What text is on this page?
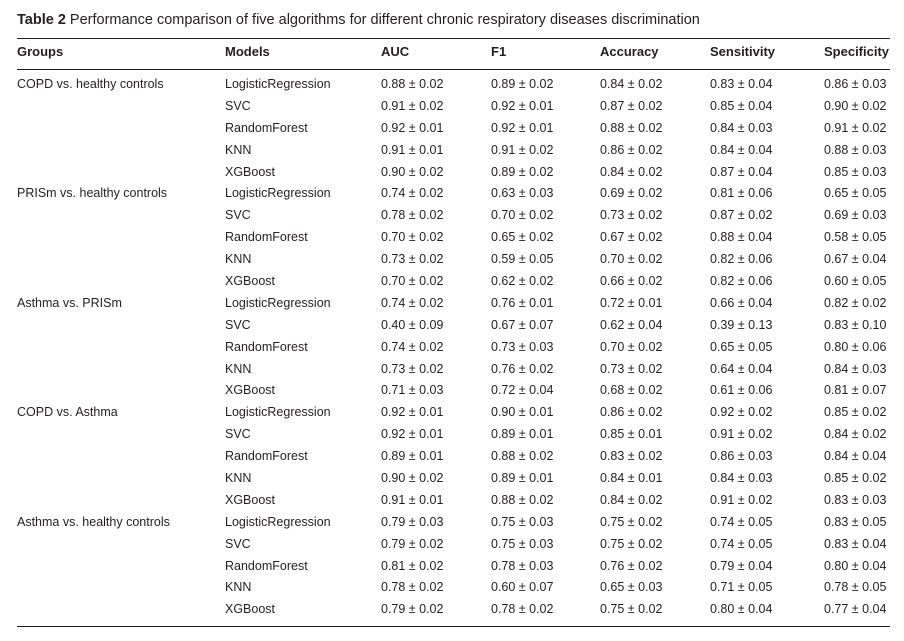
Table 2 Performance comparison of five algorithms for different chronic respiratory diseases discrimination
Groups	Models	AUC	F1	Accuracy	Sensitivity	Specificity
COPD vs. healthy controls	LogisticRegression	0.88 ± 0.02	0.89 ± 0.02	0.84 ± 0.02	0.83 ± 0.04	0.86 ± 0.03
SVC	0.91 ± 0.02	0.92 ± 0.01	0.87 ± 0.02	0.85 ± 0.04	0.90 ± 0.02
RandomForest	0.92 ± 0.01	0.92 ± 0.01	0.88 ± 0.02	0.84 ± 0.03	0.91 ± 0.02
KNN	0.91 ± 0.01	0.91 ± 0.02	0.86 ± 0.02	0.84 ± 0.04	0.88 ± 0.03
XGBoost	0.90 ± 0.02	0.89 ± 0.02	0.84 ± 0.02	0.87 ± 0.04	0.85 ± 0.03
PRISm vs. healthy controls	LogisticRegression	0.74 ± 0.02	0.63 ± 0.03	0.69 ± 0.02	0.81 ± 0.06	0.65 ± 0.05
SVC	0.78 ± 0.02	0.70 ± 0.02	0.73 ± 0.02	0.87 ± 0.02	0.69 ± 0.03
RandomForest	0.70 ± 0.02	0.65 ± 0.02	0.67 ± 0.02	0.88 ± 0.04	0.58 ± 0.05
KNN	0.73 ± 0.02	0.59 ± 0.05	0.70 ± 0.02	0.82 ± 0.06	0.67 ± 0.04
XGBoost	0.70 ± 0.02	0.62 ± 0.02	0.66 ± 0.02	0.82 ± 0.06	0.60 ± 0.05
Asthma vs. PRISm	LogisticRegression	0.74 ± 0.02	0.76 ± 0.01	0.72 ± 0.01	0.66 ± 0.04	0.82 ± 0.02
SVC	0.40 ± 0.09	0.67 ± 0.07	0.62 ± 0.04	0.39 ± 0.13	0.83 ± 0.10
RandomForest	0.74 ± 0.02	0.73 ± 0.03	0.70 ± 0.02	0.65 ± 0.05	0.80 ± 0.06
KNN	0.73 ± 0.02	0.76 ± 0.02	0.73 ± 0.02	0.64 ± 0.04	0.84 ± 0.03
XGBoost	0.71 ± 0.03	0.72 ± 0.04	0.68 ± 0.02	0.61 ± 0.06	0.81 ± 0.07
COPD vs. Asthma	LogisticRegression	0.92 ± 0.01	0.90 ± 0.01	0.86 ± 0.02	0.92 ± 0.02	0.85 ± 0.02
SVC	0.92 ± 0.01	0.89 ± 0.01	0.85 ± 0.01	0.91 ± 0.02	0.84 ± 0.02
RandomForest	0.89 ± 0.01	0.88 ± 0.02	0.83 ± 0.02	0.86 ± 0.03	0.84 ± 0.04
KNN	0.90 ± 0.02	0.89 ± 0.01	0.84 ± 0.01	0.84 ± 0.03	0.85 ± 0.02
XGBoost	0.91 ± 0.01	0.88 ± 0.02	0.84 ± 0.02	0.91 ± 0.02	0.83 ± 0.03
Asthma vs. healthy controls	LogisticRegression	0.79 ± 0.03	0.75 ± 0.03	0.75 ± 0.02	0.74 ± 0.05	0.83 ± 0.05
SVC	0.79 ± 0.02	0.75 ± 0.03	0.75 ± 0.02	0.74 ± 0.05	0.83 ± 0.04
RandomForest	0.81 ± 0.02	0.78 ± 0.03	0.76 ± 0.02	0.79 ± 0.04	0.80 ± 0.04
KNN	0.78 ± 0.02	0.60 ± 0.07	0.65 ± 0.03	0.71 ± 0.05	0.78 ± 0.05
XGBoost	0.79 ± 0.02	0.78 ± 0.02	0.75 ± 0.02	0.80 ± 0.04	0.77 ± 0.04
